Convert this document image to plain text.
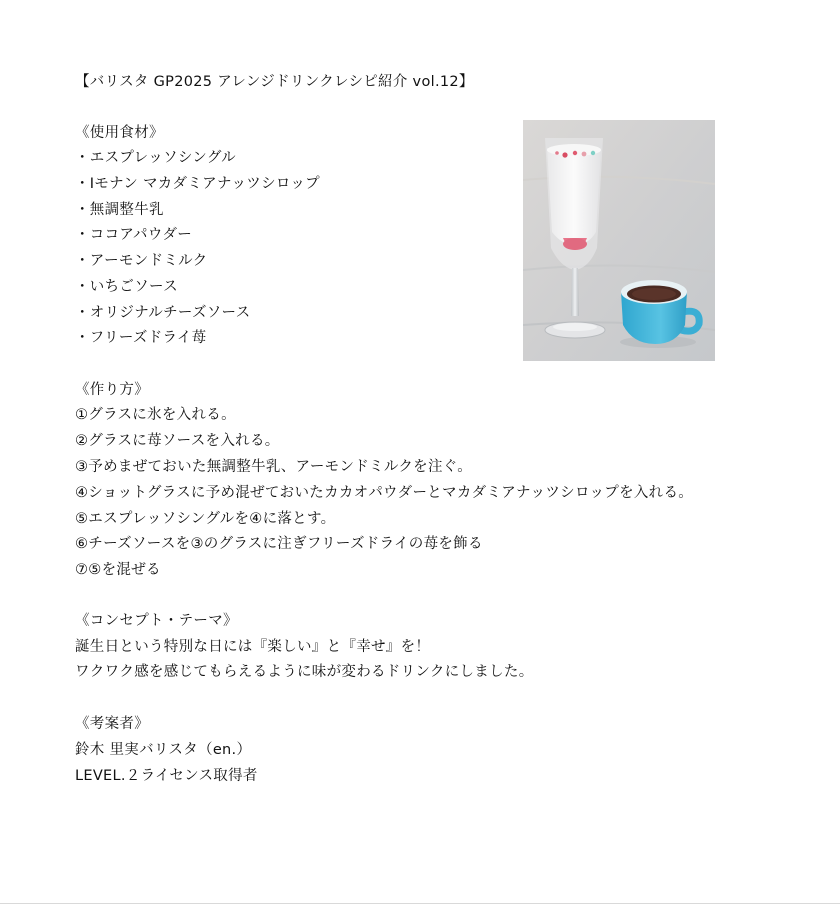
【バリスタ GP2025 アレンジドリンクレシピ紹介 vol.12】
《使用食材》
・エスプレッソシングル
・Ⅰモナン マカダミアナッツシロップ
・無調整牛乳
・ココアパウダー
・アーモンドミルク
・いちごソース
・オリジナルチーズソース
・フリーズドライ苺
《作り方》
①グラスに氷を入れる。
②グラスに苺ソースを入れる。
③予めまぜておいた無調整牛乳、アーモンドミルクを注ぐ。
④ショットグラスに予め混ぜておいたカカオパウダーとマカダミアナッツシロップを入れる。
⑤エスプレッソシングルを④に落とす。
⑥チーズソースを③のグラスに注ぎフリーズドライの苺を飾る
⑦⑤を混ぜる
《コンセプト・テーマ》
誕生日という特別な日には『楽しい』と『幸せ』を！
ワクワク感を感じてもらえるように味が変わるドリンクにしました。
《考案者》
鈴木 里実バリスタ（en.）
LEVEL.２ライセンス取得者
